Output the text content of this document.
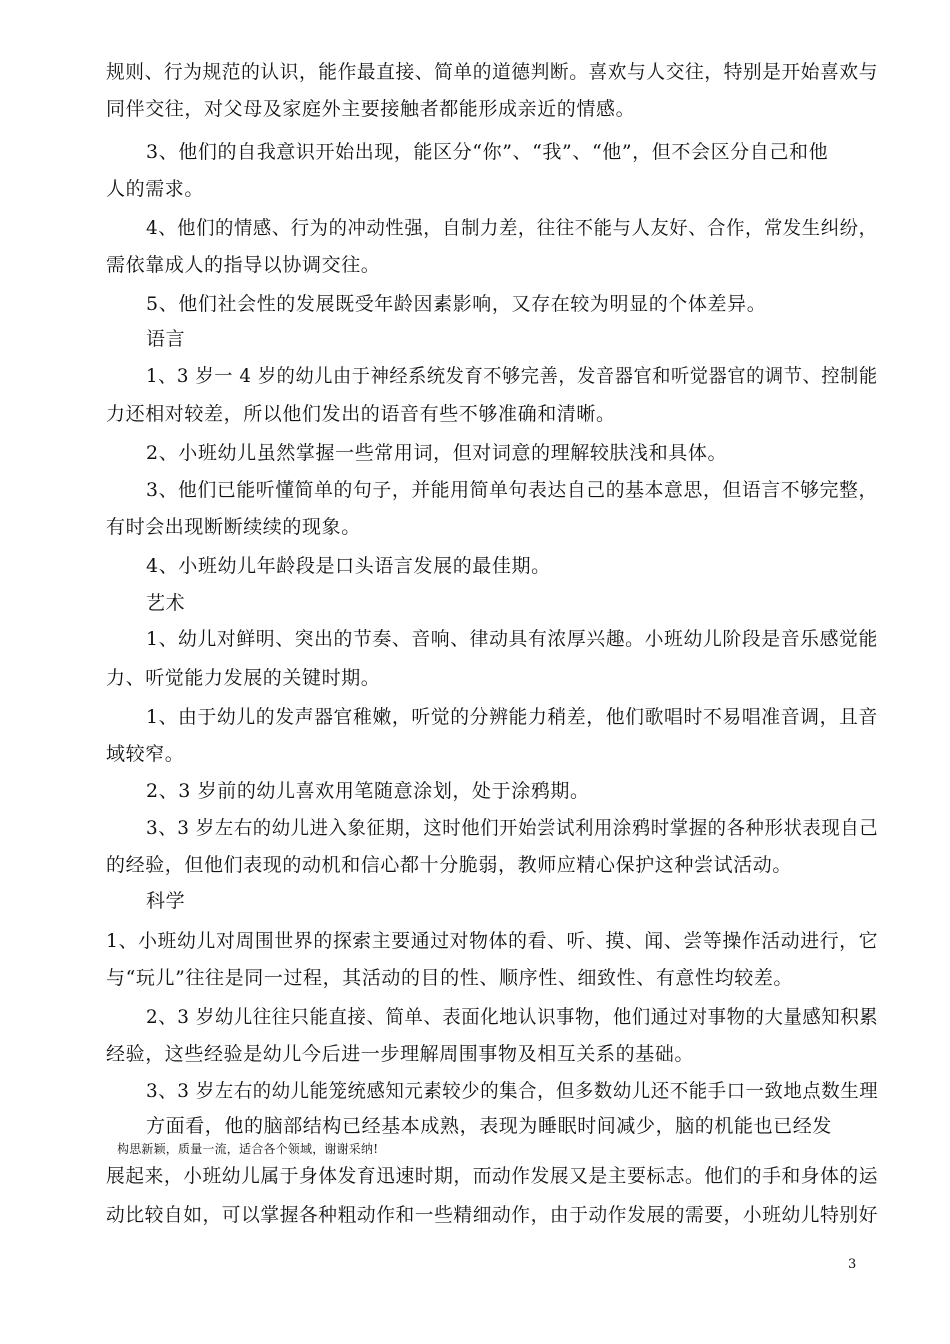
规则、行为规范的认识，能作最直接、简单的道德判断。喜欢与人交往，特别是开始喜欢与
同伴交往，对父母及家庭外主要接触者都能形成亲近的情感。
3、他们的自我意识开始出现，能区分“你”、“我”、“他”，但不会区分自己和他
人的需求。
4、他们的情感、行为的冲动性强，自制力差，往往不能与人友好、合作，常发生纠纷，
需依靠成人的指导以协调交往。
5、他们社会性的发展既受年龄因素影响，又存在较为明显的个体差异。
语言
1、3 岁一 4 岁的幼儿由于神经系统发育不够完善，发音器官和听觉器官的调节、控制能
力还相对较差，所以他们发出的语音有些不够准确和清晰。
2、小班幼儿虽然掌握一些常用词，但对词意的理解较肤浅和具体。
3、他们已能听懂简单的句子，并能用简单句表达自己的基本意思，但语言不够完整，
有时会出现断断续续的现象。
4、小班幼儿年龄段是口头语言发展的最佳期。
艺术
1、幼儿对鲜明、突出的节奏、音响、律动具有浓厚兴趣。小班幼儿阶段是音乐感觉能
力、听觉能力发展的关键时期。
1、由于幼儿的发声器官稚嫩，听觉的分辨能力稍差，他们歌唱时不易唱准音调，且音
域较窄。
2、3 岁前的幼儿喜欢用笔随意涂划，处于涂鸦期。
3、3 岁左右的幼儿进入象征期，这时他们开始尝试利用涂鸦时掌握的各种形状表现自己
的经验，但他们表现的动机和信心都十分脆弱，教师应精心保护这种尝试活动。
科学
1、小班幼儿对周围世界的探索主要通过对物体的看、听、摸、闻、尝等操作活动进行，它
与“玩儿”往往是同一过程，其活动的目的性、顺序性、细致性、有意性均较差。
2、3 岁幼儿往往只能直接、简单、表面化地认识事物，他们通过对事物的大量感知积累
经验，这些经验是幼儿今后进一步理解周围事物及相互关系的基础。
3、3 岁左右的幼儿能笼统感知元素较少的集合，但多数幼儿还不能手口一致地点数生理
方面看，他的脑部结构已经基本成熟，表现为睡眠时间减少，脑的机能也已经发
构思新颖，质量一流，适合各个领域，谢谢采纳!
展起来，小班幼儿属于身体发育迅速时期，而动作发展又是主要标志。他们的手和身体的运
动比较自如，可以掌握各种粗动作和一些精细动作，由于动作发展的需要，小班幼儿特别好
3
